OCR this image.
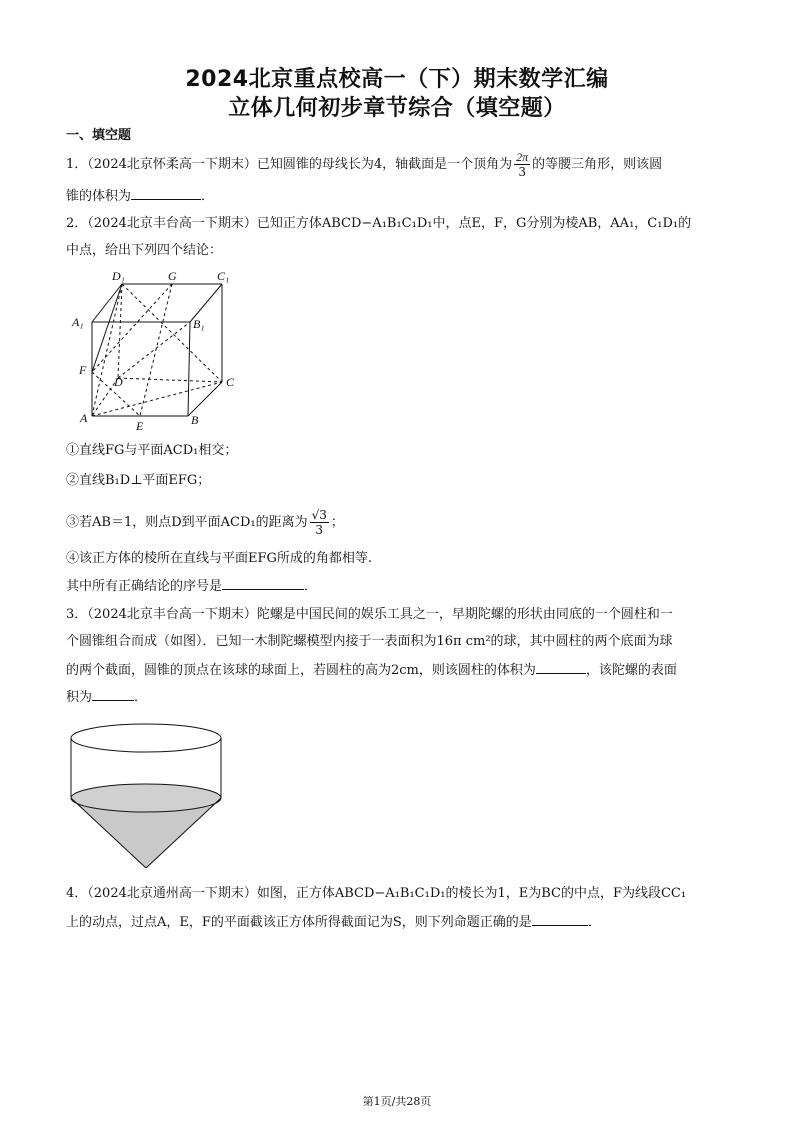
2024北京重点校高一（下）期末数学汇编
立体几何初步章节综合（填空题）
一、填空题
1．（2024北京怀柔高一下期末）已知圆锥的母线长为4，轴截面是一个顶角为 $\frac{2\pi}{3}$ 的等腰三角形，则该圆
锥的体积为	．
2．（2024北京丰台高一下期末）已知正方体ABCD−A₁B₁C₁D₁中，点E，F，G分别为棱AB，AA₁，C₁D₁的
中点，给出下列四个结论：
D₁	G	C₁
A₁	B₁
F
D	C
A
E	B
①直线FG与平面ACD₁相交；
②直线B₁D⊥平面EFG；
③若AB＝1，则点D到平面ACD₁的距离为 $\frac{√3}{3}$ ；
④该正方体的棱所在直线与平面EFG所成的角都相等.
其中所有正确结论的序号是	．
3．（2024北京丰台高一下期末）陀螺是中国民间的娱乐工具之一，早期陀螺的形状由同底的一个圆柱和一
个圆锥组合而成（如图）．已知一木制陀螺模型内接于一表面积为16π cm²的球，其中圆柱的两个底面为球
的两个截面，圆锥的顶点在该球的球面上，若圆柱的高为2cm，则该圆柱的体积为	，该陀螺的表面
积为	．
4．（2024北京通州高一下期末）如图，正方体ABCD−A₁B₁C₁D₁的棱长为1，E为BC的中点，F为线段CC₁
上的动点，过点A，E，F的平面截该正方体所得截面记为S，则下列命题正确的是	．
第1页/共28页
